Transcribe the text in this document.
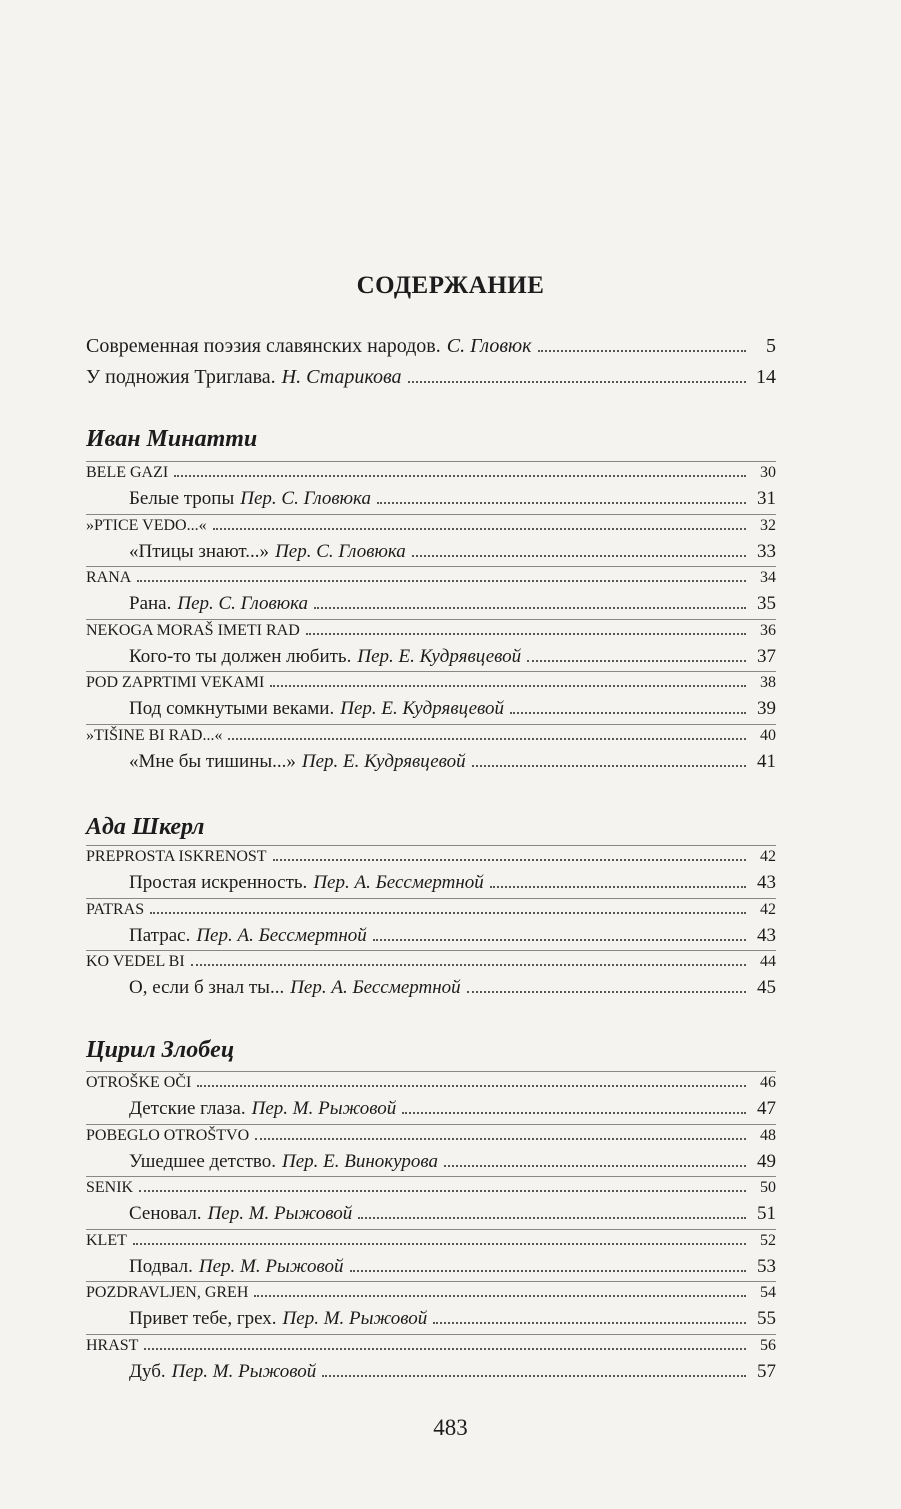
СОДЕРЖАНИЕ
Современная поэзия славянских народов. С. Гловюк	5
У подножия Триглава. Н. Старикова	14
Иван Минатти
BELE GAZI	30
Белые тропы Пер. С. Гловюка	31
»PTICE VEDO...«	32
«Птицы знают...» Пер. С. Гловюка	33
RANA	34
Рана. Пер. С. Гловюка	35
NEKOGA MORAŠ IMETI RAD	36
Кого-то ты должен любить. Пер. Е. Кудрявцевой	37
POD ZAPRTIMI VEKAMI	38
Под сомкнутыми веками. Пер. Е. Кудрявцевой	39
»TIŠINE BI RAD...«	40
«Мне бы тишины...» Пер. Е. Кудрявцевой	41
Ада Шкерл
PREPROSTA ISKRENOST	42
Простая искренность. Пер. А. Бессмертной	43
PATRAS	42
Патрас. Пер. А. Бессмертной	43
KO VEDEL BI	44
О, если б знал ты... Пер. А. Бессмертной	45
Цирил Злобец
OTROŠKE OČI	46
Детские глаза. Пер. М. Рыжовой	47
POBEGLO OTROŠTVO	48
Ушедшее детство. Пер. Е. Винокурова	49
SENIK	50
Сеновал. Пер. М. Рыжовой	51
KLET	52
Подвал. Пер. М. Рыжовой	53
POZDRAVLJEN, GREH	54
Привет тебе, грех. Пер. М. Рыжовой	55
HRAST	56
Дуб. Пер. М. Рыжовой	57
483
